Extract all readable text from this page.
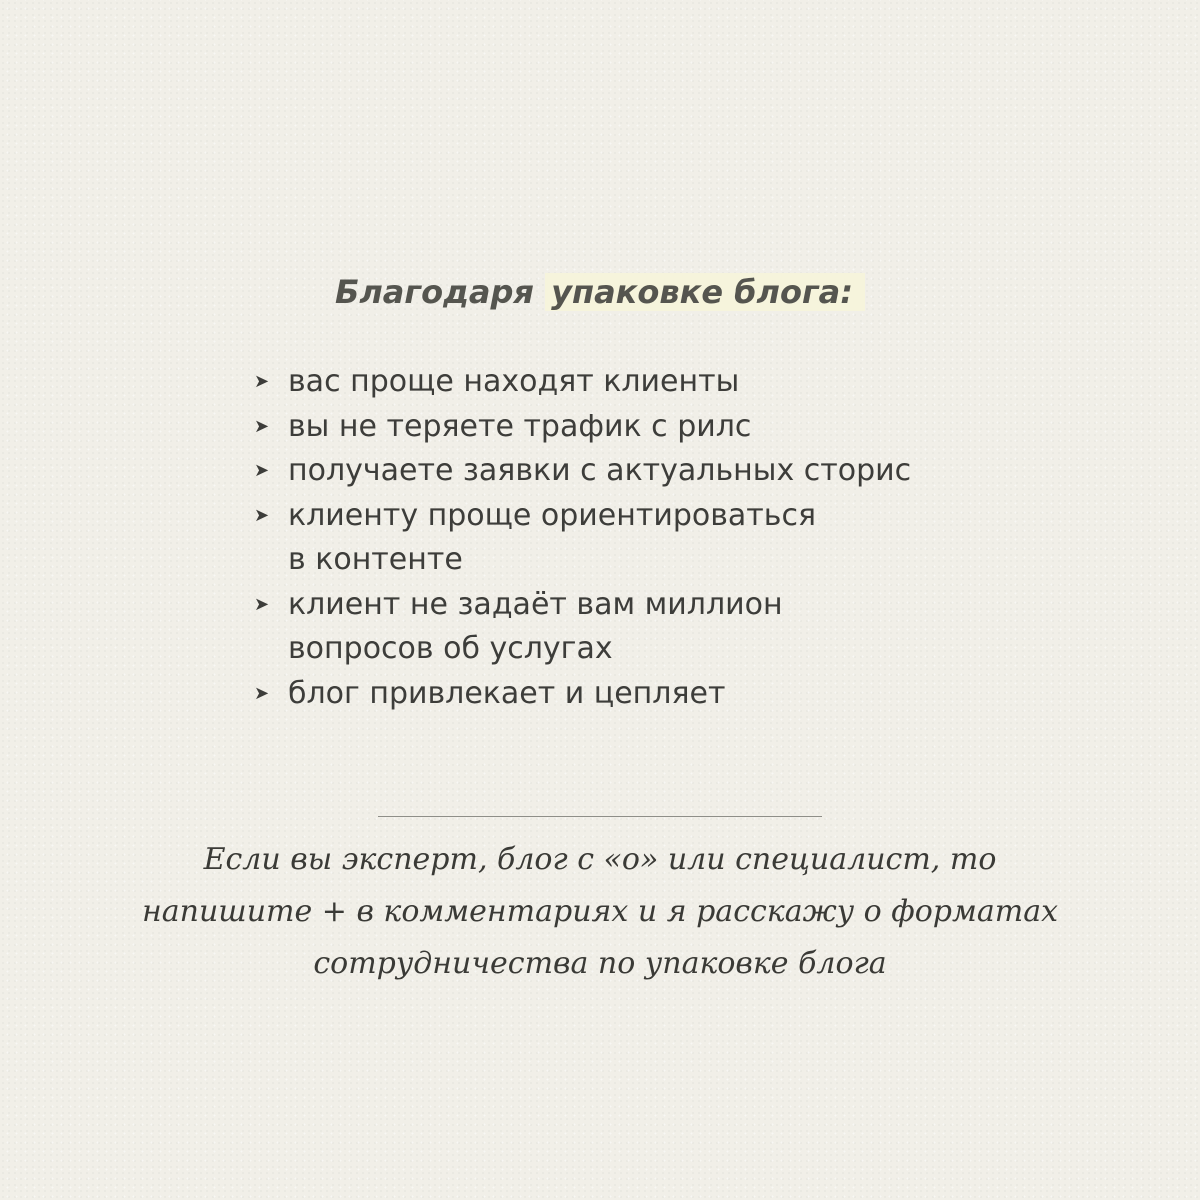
Благодаря упаковке блога:
➤ вас проще находят клиенты
➤ вы не теряете трафик с рилс
➤ получаете заявки с актуальных сторис
➤ клиенту проще ориентироваться
в контенте
➤ клиент не задаёт вам миллион
вопросов об услугах
➤ блог привлекает и цепляет
Если вы эксперт, блог с «о» или специалист, то
напишите + в комментариях и я расскажу о форматах
сотрудничества по упаковке блога
